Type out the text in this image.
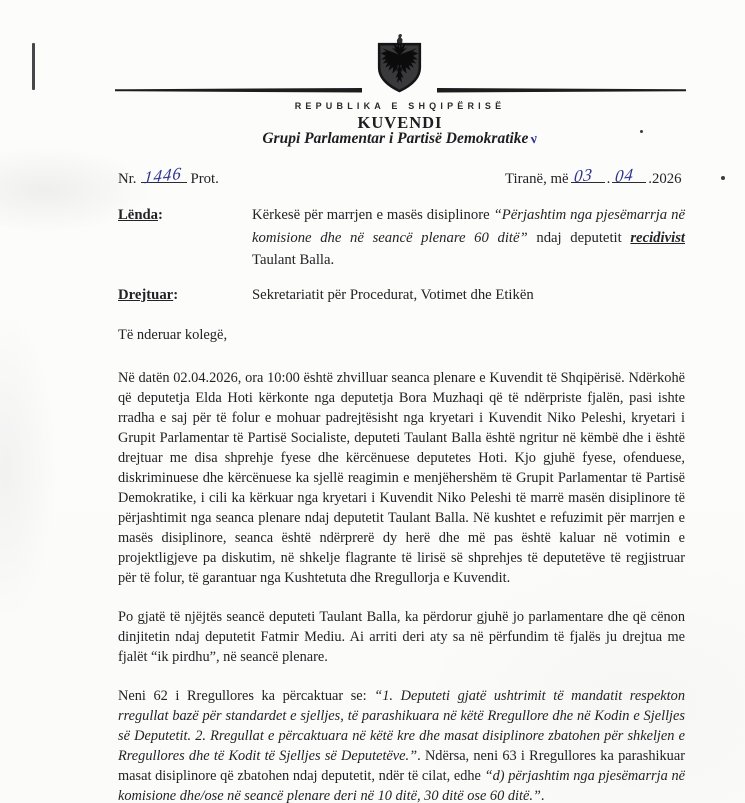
REPUBLIKA E SHQIPËRISË
KUVENDI
Grupi Parlamentar i Partisë Demokratikeν
Nr. 1446 Prot.	Tiranë, më 03 . 04 .2026
Lënda:	Kërkesë për marrjen e masës disiplinore “Përjashtim nga pjesëmarrja në komisione dhe në seancë plenare 60 ditë” ndaj deputetit recidivist Taulant Balla.
Drejtuar:	Sekretariatit për Procedurat, Votimet dhe Etikën
Të nderuar kolegë,
Në datën 02.04.2026, ora 10:00 është zhvilluar seanca plenare e Kuvendit të Shqipërisë. Ndërkohë që deputetja Elda Hoti kërkonte nga deputetja Bora Muzhaqi që të ndërpriste fjalën, pasi ishte rradha e saj për të folur e mohuar padrejtësisht nga kryetari i Kuvendit Niko Peleshi, kryetari i Grupit Parlamentar të Partisë Socialiste, deputeti Taulant Balla është ngritur në këmbë dhe i është drejtuar me disa shprehje fyese dhe kërcënuese deputetes Hoti. Kjo gjuhë fyese, ofenduese, diskriminuese dhe kërcënuese ka sjellë reagimin e menjëhershëm të Grupit Parlamentar të Partisë Demokratike, i cili ka kërkuar nga kryetari i Kuvendit Niko Peleshi të marrë masën disiplinore të përjashtimit nga seanca plenare ndaj deputetit Taulant Balla. Në kushtet e refuzimit për marrjen e masës disiplinore, seanca është ndërprerë dy herë dhe më pas është kaluar në votimin e projektligjeve pa diskutim, në shkelje flagrante të lirisë së shprehjes të deputetëve të regjistruar për të folur, të garantuar nga Kushtetuta dhe Rregullorja e Kuvendit.
Po gjatë të njëjtës seancë deputeti Taulant Balla, ka përdorur gjuhë jo parlamentare dhe që cënon dinjitetin ndaj deputetit Fatmir Mediu. Ai arriti deri aty sa në përfundim të fjalës ju drejtua me fjalët “ik pirdhu”, në seancë plenare.
Neni 62 i Rregullores ka përcaktuar se: “1. Deputeti gjatë ushtrimit të mandatit respekton rregullat bazë për standardet e sjelljes, të parashikuara në këtë Rregullore dhe në Kodin e Sjelljes së Deputetit. 2. Rregullat e përcaktuara në këtë kre dhe masat disiplinore zbatohen për shkeljen e Rregullores dhe të Kodit të Sjelljes së Deputetëve.”. Ndërsa, neni 63 i Rregullores ka parashikuar masat disiplinore që zbatohen ndaj deputetit, ndër të cilat, edhe “d) përjashtim nga pjesëmarrja në komisione dhe/ose në seancë plenare deri në 10 ditë, 30 ditë ose 60 ditë.”.
